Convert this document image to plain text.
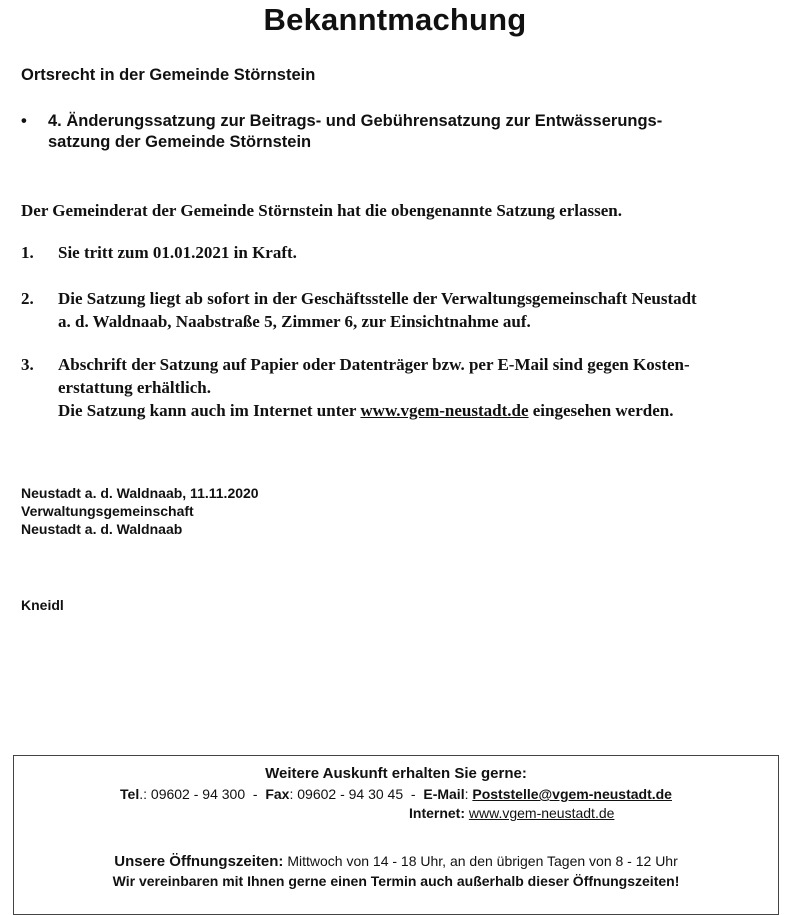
Bekanntmachung
Ortsrecht in der Gemeinde Störnstein
• 4. Änderungssatzung zur Beitrags- und Gebührensatzung zur Entwässerungs-
satzung der Gemeinde Störnstein
Der Gemeinderat der Gemeinde Störnstein hat die obengenannte Satzung erlassen.
1. Sie tritt zum 01.01.2021 in Kraft.
2. Die Satzung liegt ab sofort in der Geschäftsstelle der Verwaltungsgemeinschaft Neustadt
a. d. Waldnaab, Naabstraße 5, Zimmer 6, zur Einsichtnahme auf.
3. Abschrift der Satzung auf Papier oder Datenträger bzw. per E-Mail sind gegen Kosten-
erstattung erhältlich.
Die Satzung kann auch im Internet unter www.vgem-neustadt.de eingesehen werden.
Neustadt a. d. Waldnaab, 11.11.2020
Verwaltungsgemeinschaft
Neustadt a. d. Waldnaab
Kneidl
Weitere Auskunft erhalten Sie gerne:
Tel.: 09602 - 94 300  -  Fax: 09602 - 94 30 45  -  E-Mail: Poststelle@vgem-neustadt.de
Internet: www.vgem-neustadt.de
Unsere Öffnungszeiten: Mittwoch von 14 - 18 Uhr, an den übrigen Tagen von 8 - 12 Uhr
Wir vereinbaren mit Ihnen gerne einen Termin auch außerhalb dieser Öffnungszeiten!
